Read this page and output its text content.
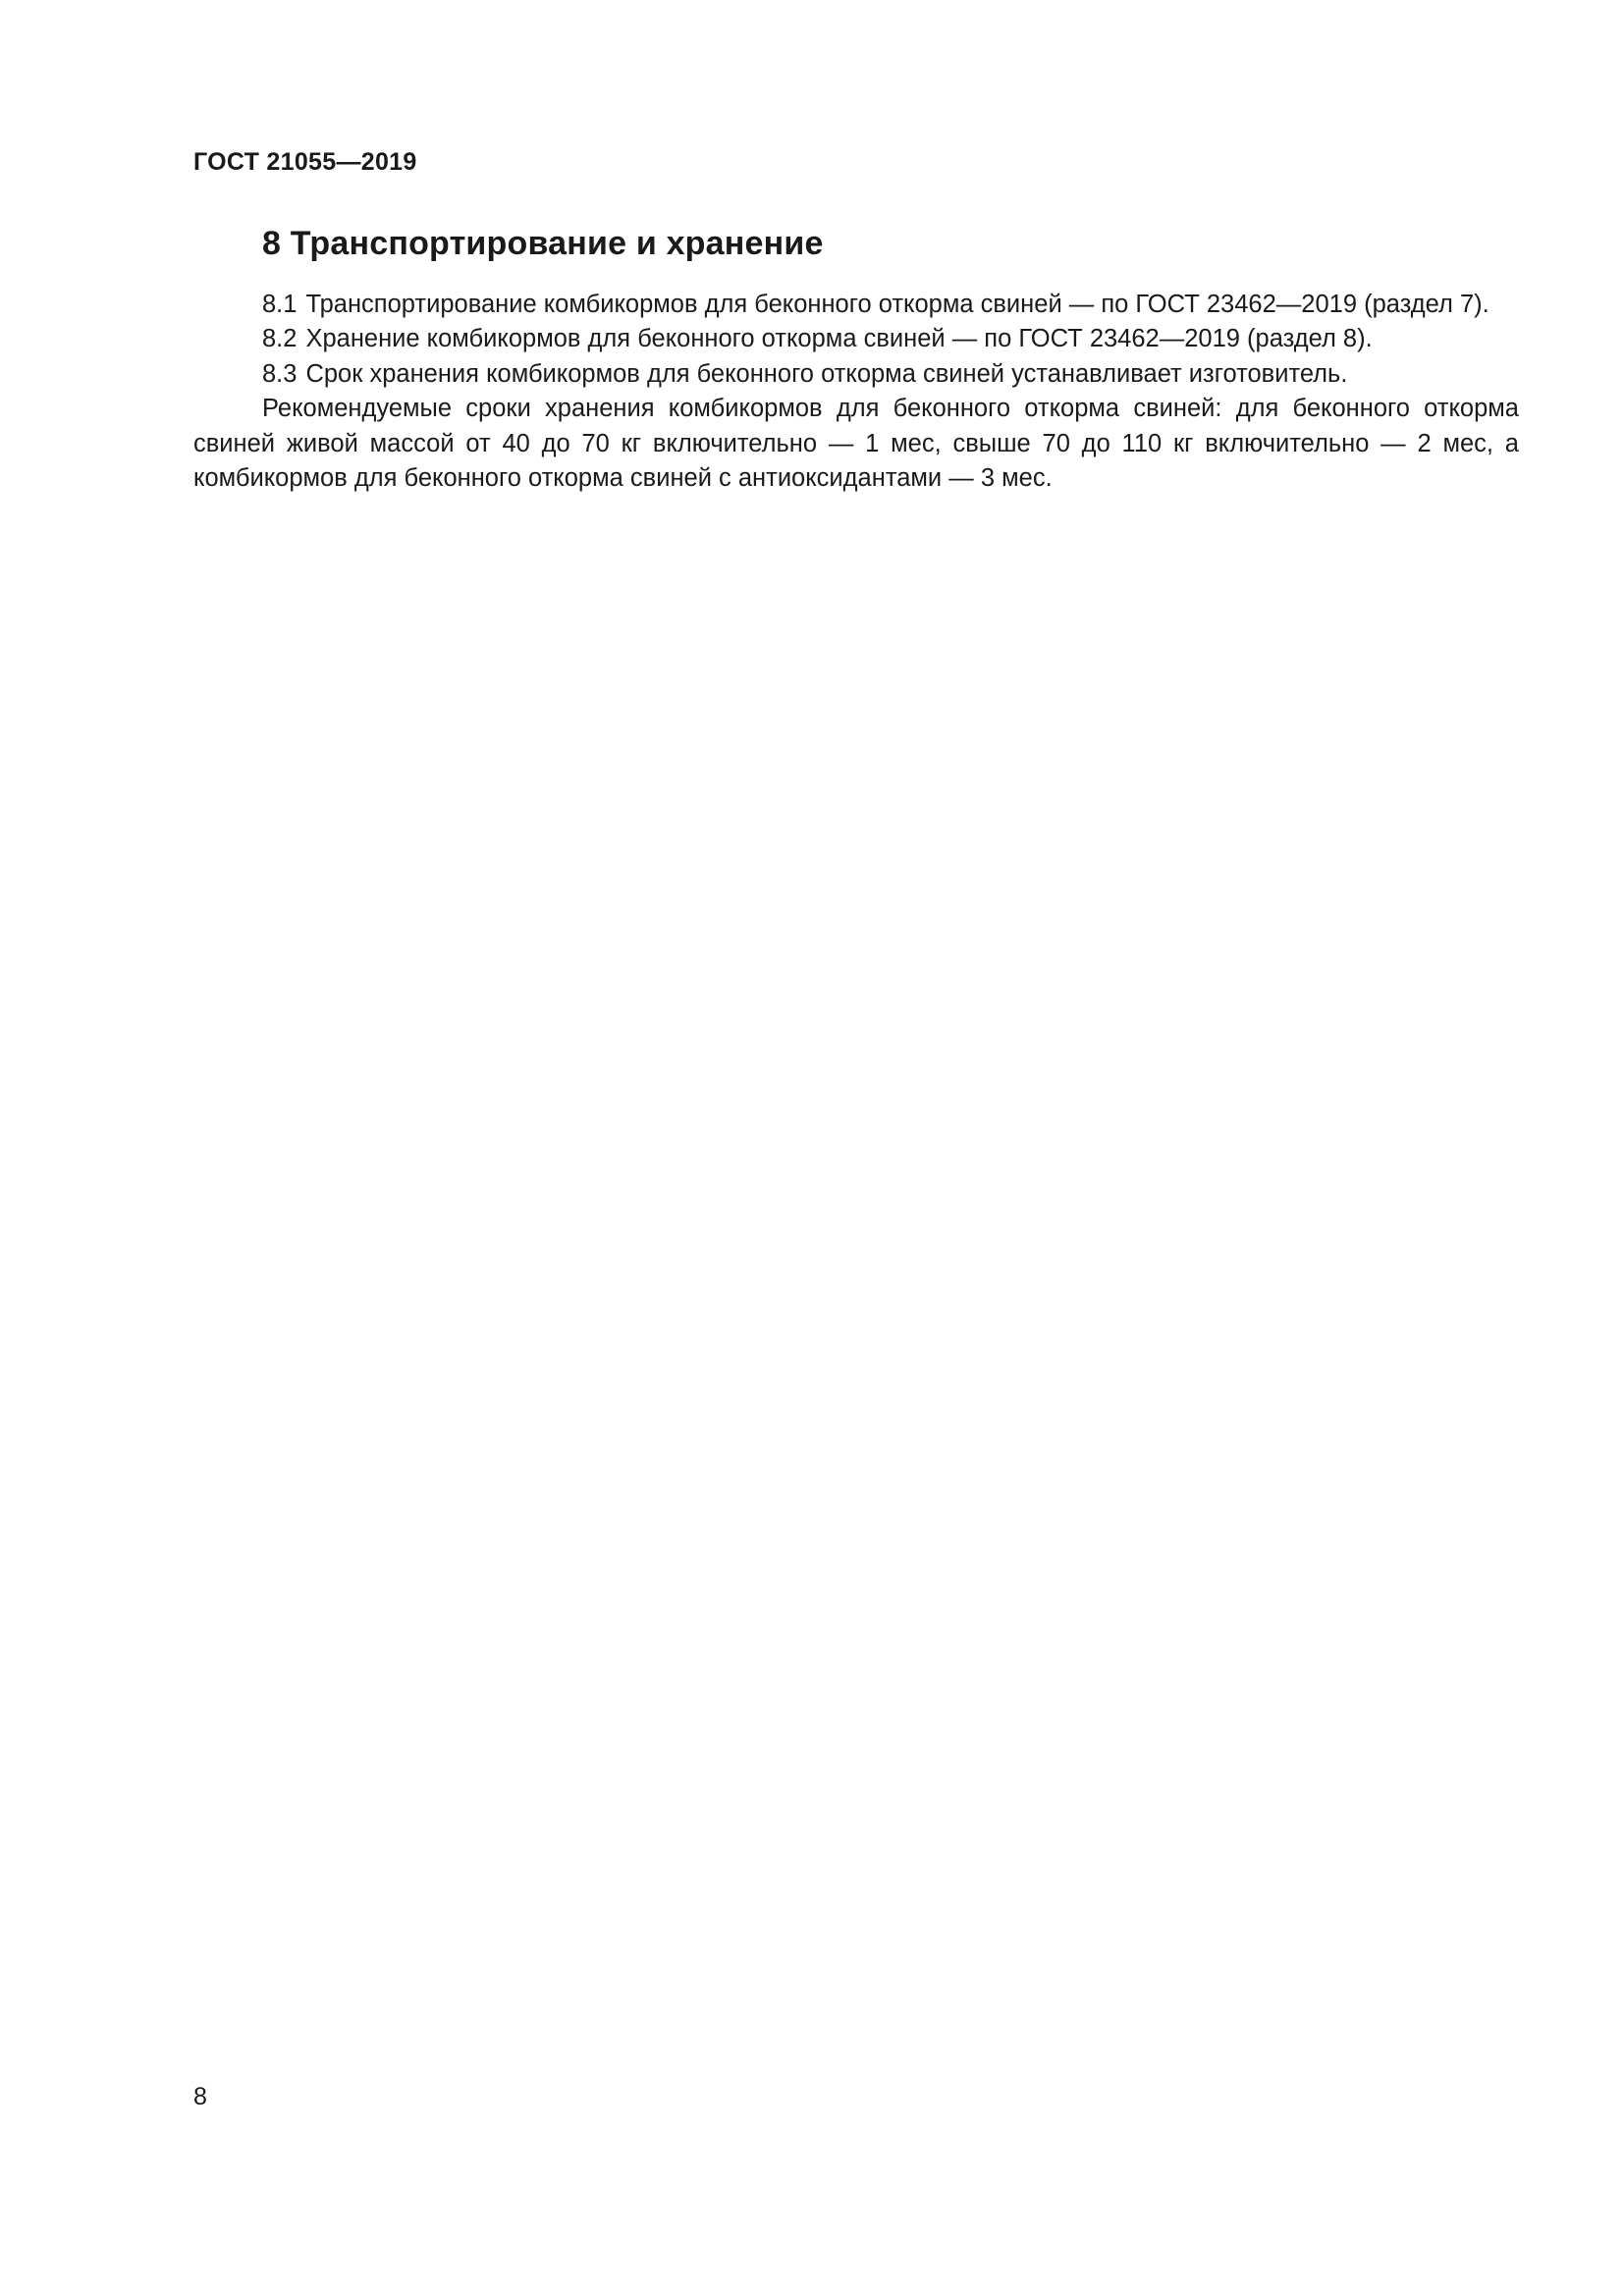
ГОСТ 21055—2019
8 Транспортирование и хранение

8.1 Транспортирование комбикормов для беконного откорма свиней — по ГОСТ 23462—2019 (раздел 7).

8.2 Хранение комбикормов для беконного откорма свиней — по ГОСТ 23462—2019 (раздел 8).

8.3 Срок хранения комбикормов для беконного откорма свиней устанавливает изготовитель.

Рекомендуемые сроки хранения комбикормов для беконного откорма свиней: для беконного откорма свиней живой массой от 40 до 70 кг включительно — 1 мес, свыше 70 до 110 кг включительно — 2 мес, а комбикормов для беконного откорма свиней с антиоксидантами — 3 мес.

8
